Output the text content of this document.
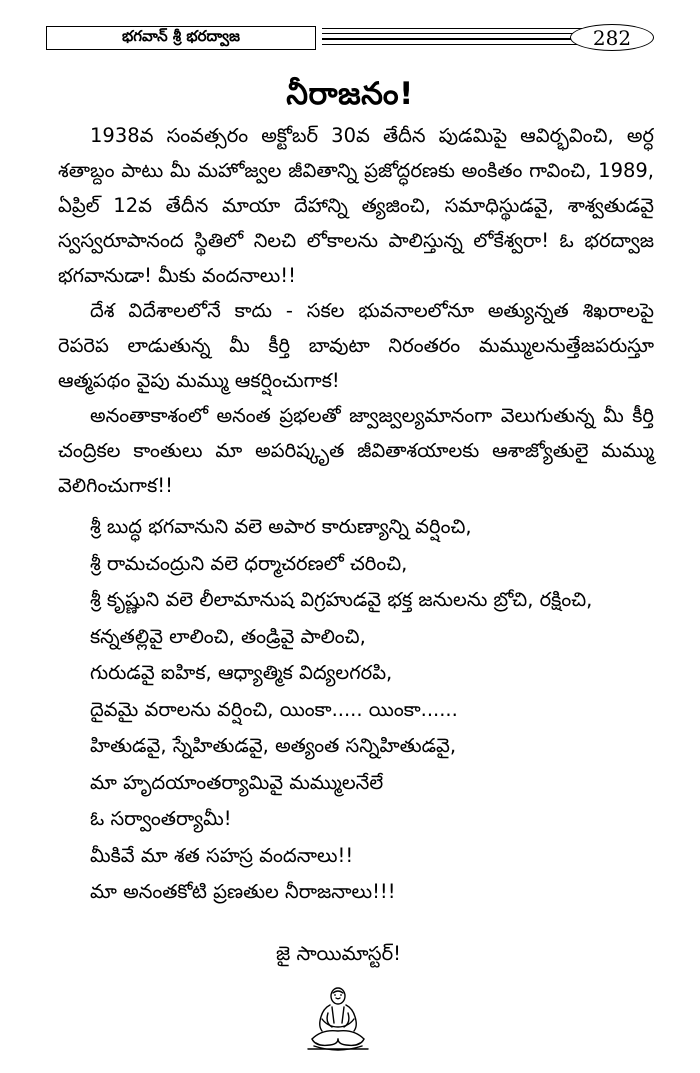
భగవాన్ శ్రీ భరద్వాజ	282
నీరాజనం!

1938వ సంవత్సరం అక్టోబర్ 30వ తేదీన పుడమిపై ఆవిర్భవించి, అర్ధ శతాబ్దం పాటు మీ మహోజ్వల జీవితాన్ని ప్రజోద్ధరణకు అంకితం గావించి, 1989, ఏప్రిల్ 12వ తేదీన మాయా దేహాన్ని త్యజించి, సమాధిస్థుడవై, శాశ్వతుడవై స్వస్వరూపానంద స్థితిలో నిలచి లోకాలను పాలిస్తున్న లోకేశ్వరా! ఓ భరద్వాజ భగవానుడా! మీకు వందనాలు!!

దేశ విదేశాలలోనే కాదు - సకల భువనాలలోనూ అత్యున్నత శిఖరాలపై రెపరెప లాడుతున్న మీ కీర్తి బావుటా నిరంతరం మమ్ములనుత్తేజపరుస్తూ ఆత్మపథం వైపు మమ్ము ఆకర్షించుగాక!

అనంతాకాశంలో అనంత ప్రభలతో జ్వాజ్వల్యమానంగా వెలుగుతున్న మీ కీర్తి చంద్రికల కాంతులు మా అపరిష్కృత జీవితాశయాలకు ఆశాజ్యోతులై మమ్ము వెలిగించుగాక!!

శ్రీ బుద్ధ భగవానుని వలె అపార కారుణ్యాన్ని వర్షించి,
శ్రీ రామచంద్రుని వలె ధర్మాచరణలో చరించి,
శ్రీ కృష్ణుని వలె లీలామానుష విగ్రహుడవై భక్త జనులను బ్రోచి, రక్షించి,
కన్నతల్లివై లాలించి, తండ్రివై పాలించి,
గురుడవై ఐహిక, ఆధ్యాత్మిక విద్యలగరపి,
దైవమై వరాలను వర్షించి, యింకా..... యింకా......
హితుడవై, స్నేహితుడవై, అత్యంత సన్నిహితుడవై,
మా హృదయాంతర్యామివై మమ్ములనేలే
ఓ సర్వాంతర్యామీ!
మీకివే మా శత సహస్ర వందనాలు!!
మా అనంతకోటి ప్రణతుల నీరాజనాలు!!!
జై సాయిమాస్టర్!
